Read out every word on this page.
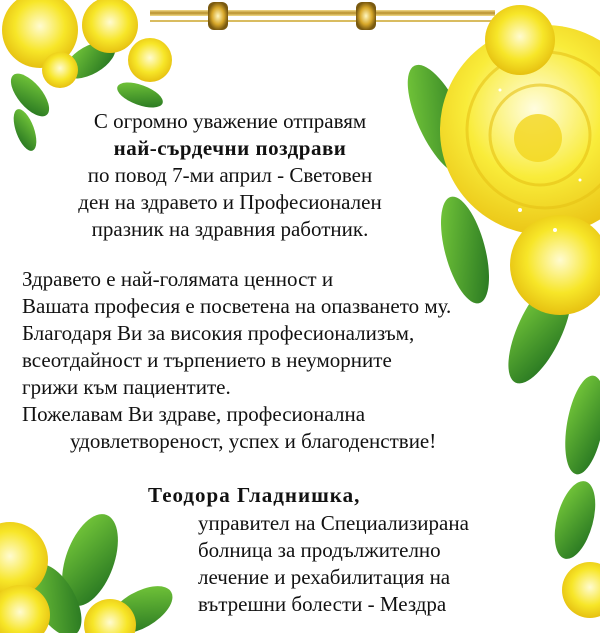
С огромно уважение отправям
най-сърдечни поздрави
по повод 7-ми април - Световен
ден на здравето и Професионален
празник на здравния работник.
Здравето е най-голямата ценност и
Вашата професия е посветена на опазването му.
Благодаря Ви за високия професионализъм,
всеотдайност и търпението в неуморните
грижи към пациентите.
Пожелавам Ви здраве, професионална
удовлетвореност, успех и благоденствие!
Теодора Гладнишка,
управител на Специализирана
болница за продължително
лечение и рехабилитация на
вътрешни болести - Мездра
